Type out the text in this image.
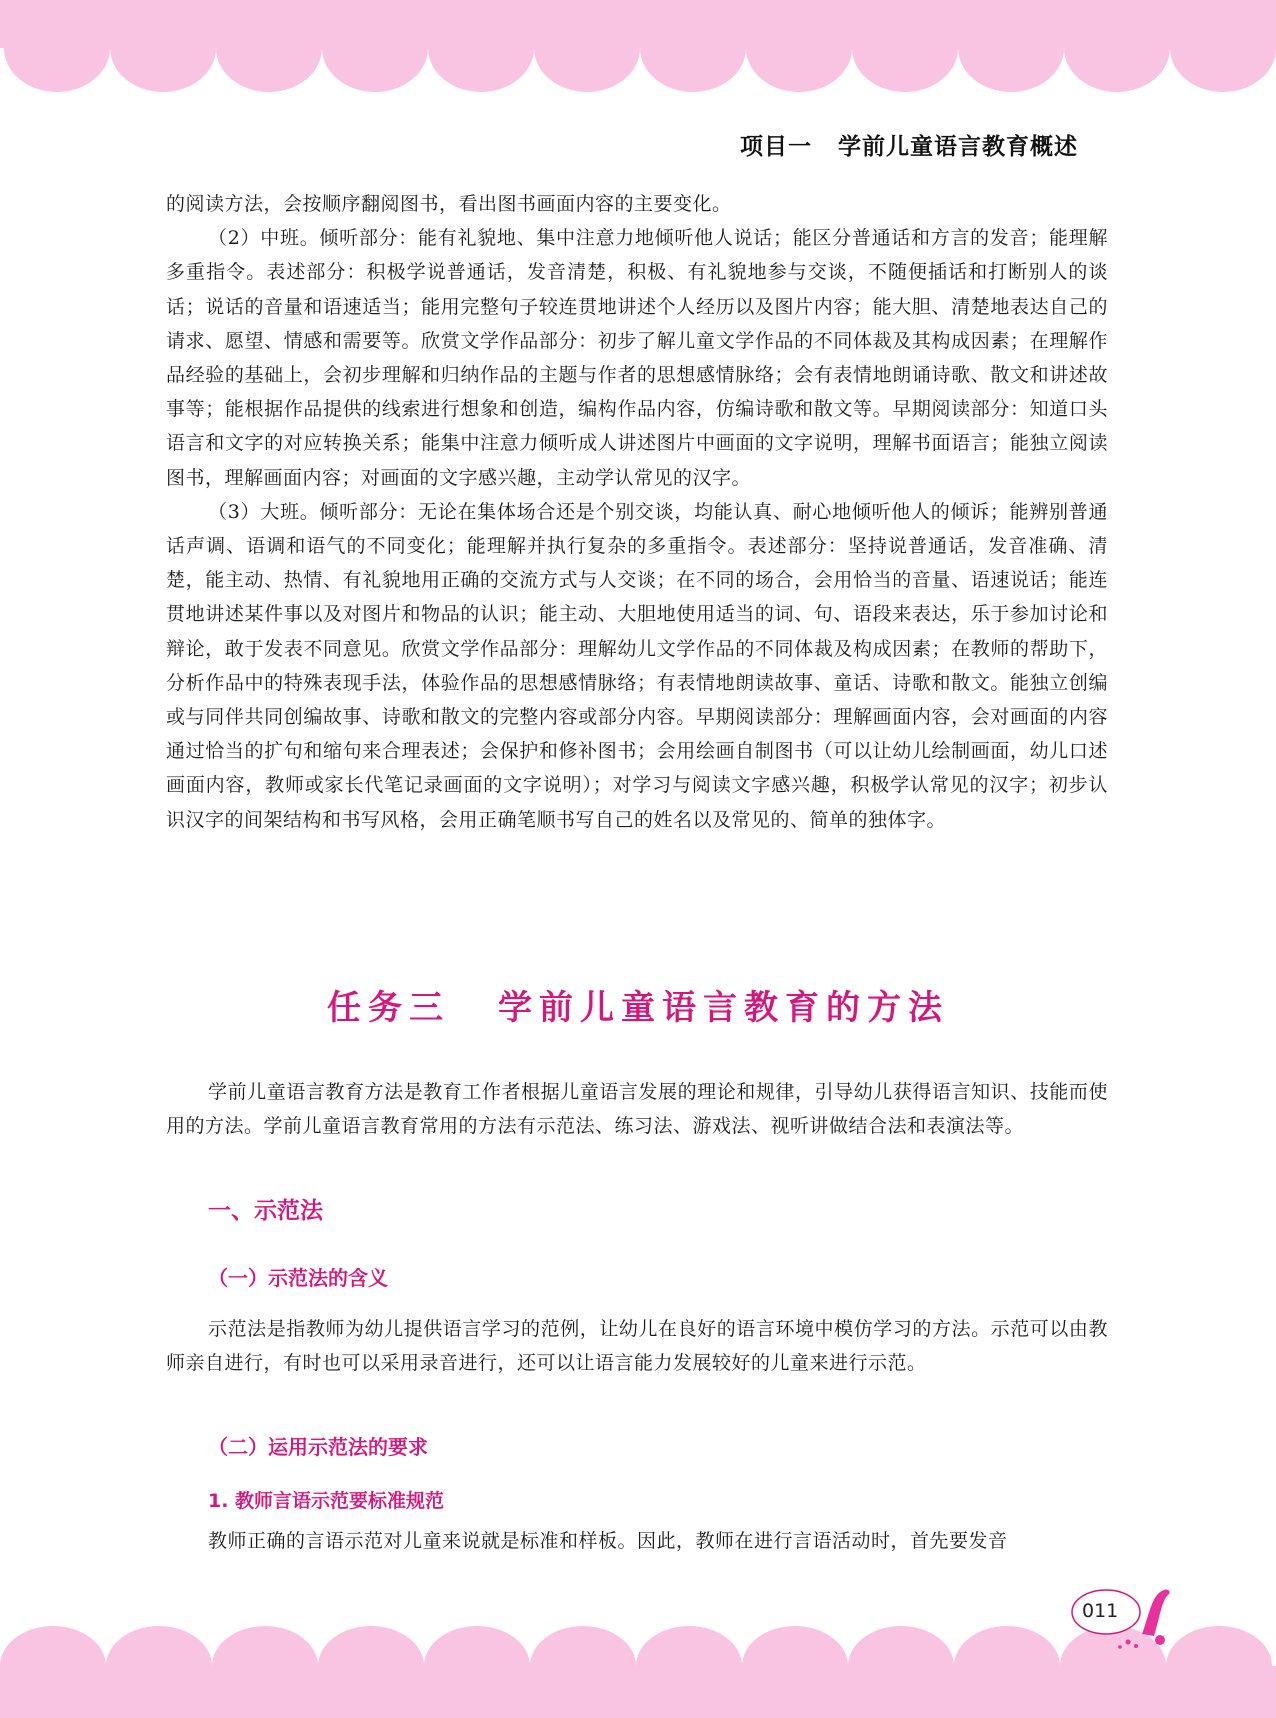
项目一 学前儿童语言教育概述

的阅读方法，会按顺序翻阅图书，看出图书画面内容的主要变化。

（2）中班。倾听部分：能有礼貌地、集中注意力地倾听他人说话；能区分普通话和方言的发音；能理解多重指令。表述部分：积极学说普通话，发音清楚，积极、有礼貌地参与交谈，不随便插话和打断别人的谈话；说话的音量和语速适当；能用完整句子较连贯地讲述个人经历以及图片内容；能大胆、清楚地表达自己的请求、愿望、情感和需要等。欣赏文学作品部分：初步了解儿童文学作品的不同体裁及其构成因素；在理解作品经验的基础上，会初步理解和归纳作品的主题与作者的思想感情脉络；会有表情地朗诵诗歌、散文和讲述故事等；能根据作品提供的线索进行想象和创造，编构作品内容，仿编诗歌和散文等。早期阅读部分：知道口头语言和文字的对应转换关系；能集中注意力倾听成人讲述图片中画面的文字说明，理解书面语言；能独立阅读图书，理解画面内容；对画面的文字感兴趣，主动学认常见的汉字。

（3）大班。倾听部分：无论在集体场合还是个别交谈，均能认真、耐心地倾听他人的倾诉；能辨别普通话声调、语调和语气的不同变化；能理解并执行复杂的多重指令。表述部分：坚持说普通话，发音准确、清楚，能主动、热情、有礼貌地用正确的交流方式与人交谈；在不同的场合，会用恰当的音量、语速说话；能连贯地讲述某件事以及对图片和物品的认识；能主动、大胆地使用适当的词、句、语段来表达，乐于参加讨论和辩论，敢于发表不同意见。欣赏文学作品部分：理解幼儿文学作品的不同体裁及构成因素；在教师的帮助下，分析作品中的特殊表现手法，体验作品的思想感情脉络；有表情地朗读故事、童话、诗歌和散文。能独立创编或与同伴共同创编故事、诗歌和散文的完整内容或部分内容。早期阅读部分：理解画面内容，会对画面的内容通过恰当的扩句和缩句来合理表述；会保护和修补图书；会用绘画自制图书（可以让幼儿绘制画面，幼儿口述画面内容，教师或家长代笔记录画面的文字说明）；对学习与阅读文字感兴趣，积极学认常见的汉字；初步认识汉字的间架结构和书写风格，会用正确笔顺书写自己的姓名以及常见的、简单的独体字。

任务三 学前儿童语言教育的方法

学前儿童语言教育方法是教育工作者根据儿童语言发展的理论和规律，引导幼儿获得语言知识、技能而使用的方法。学前儿童语言教育常用的方法有示范法、练习法、游戏法、视听讲做结合法和表演法等。

一、示范法
（一）示范法的含义

示范法是指教师为幼儿提供语言学习的范例，让幼儿在良好的语言环境中模仿学习的方法。示范可以由教师亲自进行，有时也可以采用录音进行，还可以让语言能力发展较好的儿童来进行示范。

（二）运用示范法的要求
1. 教师言语示范要标准规范

教师正确的言语示范对儿童来说就是标准和样板。因此，教师在进行言语活动时，首先要发音

011
